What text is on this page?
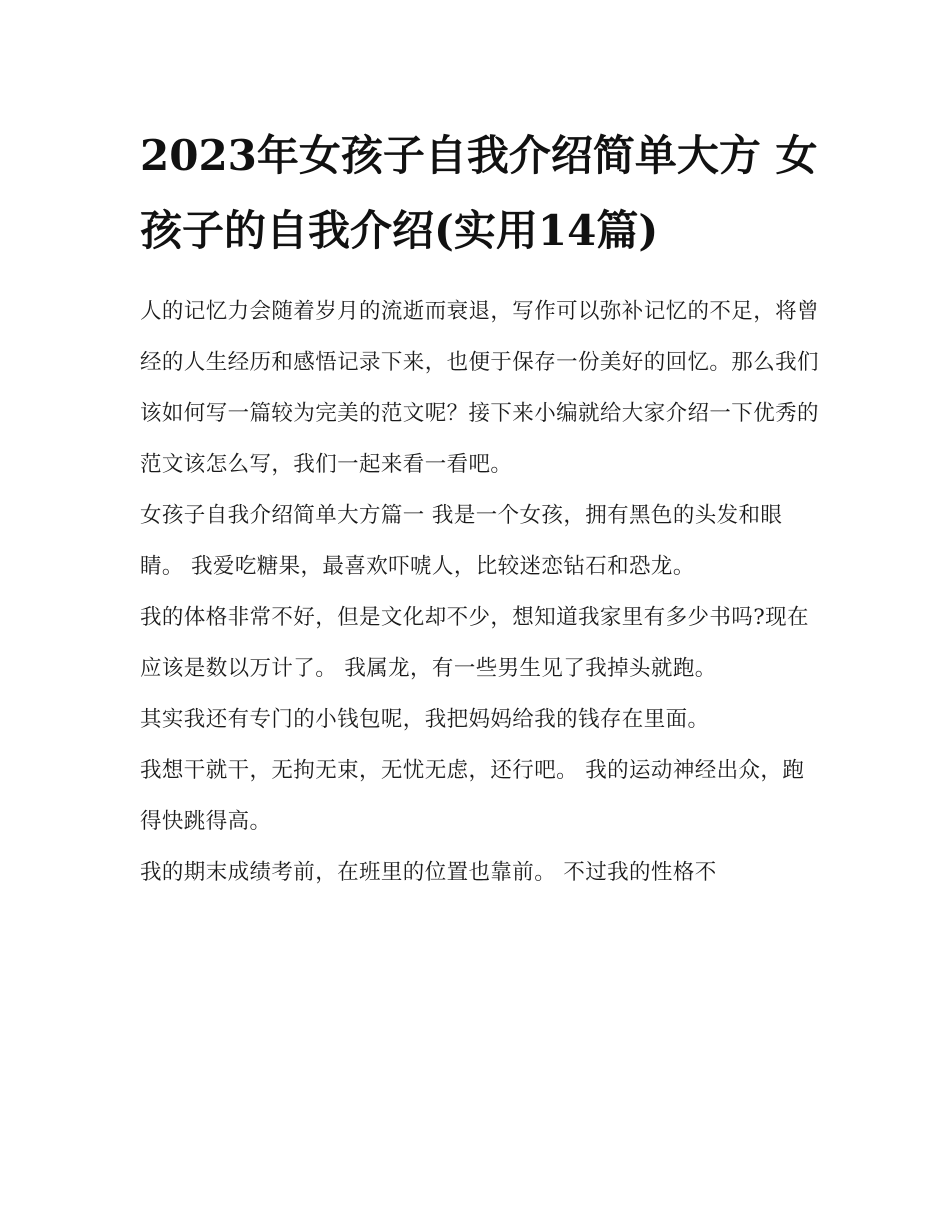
2023年女孩子自我介绍简单大方 女孩子的自我介绍(实用14篇)

人的记忆力会随着岁月的流逝而衰退，写作可以弥补记忆的不足，将曾经的人生经历和感悟记录下来，也便于保存一份美好的回忆。那么我们该如何写一篇较为完美的范文呢？接下来小编就给大家介绍一下优秀的范文该怎么写，我们一起来看一看吧。

女孩子自我介绍简单大方篇一 我是一个女孩，拥有黑色的头发和眼睛。 我爱吃糖果，最喜欢吓唬人，比较迷恋钻石和恐龙。

我的体格非常不好，但是文化却不少，想知道我家里有多少书吗?现在应该是数以万计了。 我属龙，有一些男生见了我掉头就跑。

其实我还有专门的小钱包呢，我把妈妈给我的钱存在里面。

我想干就干，无拘无束，无忧无虑，还行吧。 我的运动神经出众，跑得快跳得高。

我的期末成绩考前，在班里的位置也靠前。 不过我的性格不
